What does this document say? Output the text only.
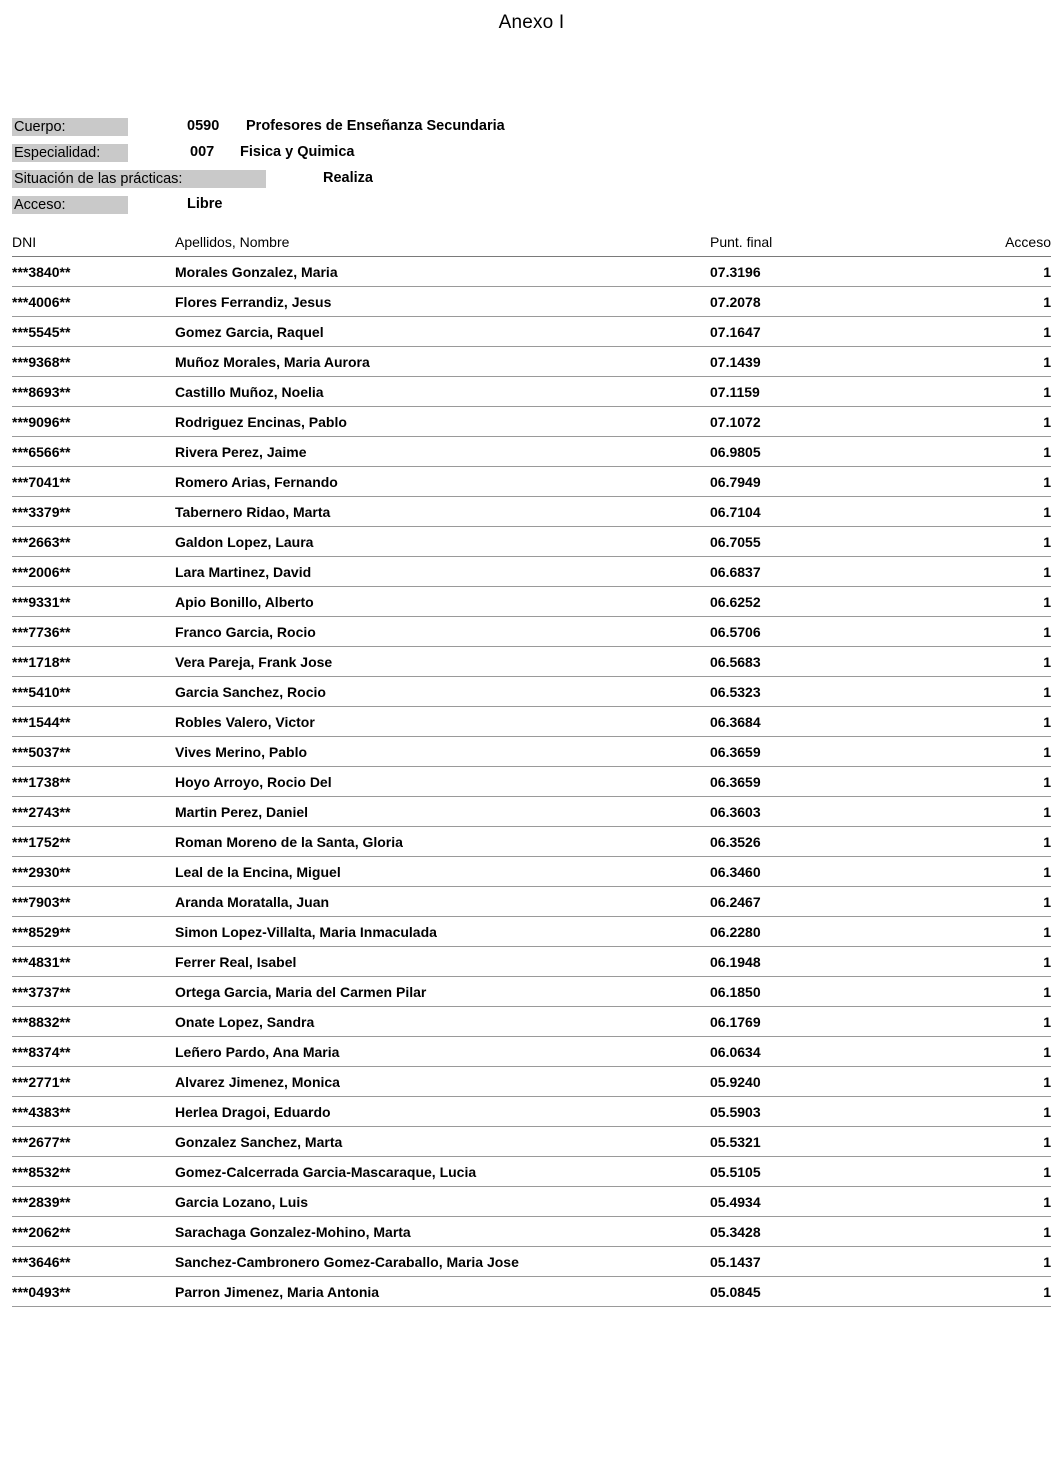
Anexo I
Cuerpo:	0590 Profesores de Enseñanza Secundaria
Especialidad:	007 Fisica y Quimica
Situación de las prácticas:	Realiza
Acceso:	Libre
DNI	Apellidos, Nombre	Punt. final	Acceso
***3840**	Morales Gonzalez, Maria	07.3196	1
***4006**	Flores Ferrandiz, Jesus	07.2078	1
***5545**	Gomez Garcia, Raquel	07.1647	1
***9368**	Muñoz Morales, Maria Aurora	07.1439	1
***8693**	Castillo Muñoz, Noelia	07.1159	1
***9096**	Rodriguez Encinas, Pablo	07.1072	1
***6566**	Rivera Perez, Jaime	06.9805	1
***7041**	Romero Arias, Fernando	06.7949	1
***3379**	Tabernero Ridao, Marta	06.7104	1
***2663**	Galdon Lopez, Laura	06.7055	1
***2006**	Lara Martinez, David	06.6837	1
***9331**	Apio Bonillo, Alberto	06.6252	1
***7736**	Franco Garcia, Rocio	06.5706	1
***1718**	Vera Pareja, Frank Jose	06.5683	1
***5410**	Garcia Sanchez, Rocio	06.5323	1
***1544**	Robles Valero, Victor	06.3684	1
***5037**	Vives Merino, Pablo	06.3659	1
***1738**	Hoyo Arroyo, Rocio Del	06.3659	1
***2743**	Martin Perez, Daniel	06.3603	1
***1752**	Roman Moreno de la Santa, Gloria	06.3526	1
***2930**	Leal de la Encina, Miguel	06.3460	1
***7903**	Aranda Moratalla, Juan	06.2467	1
***8529**	Simon Lopez-Villalta, Maria Inmaculada	06.2280	1
***4831**	Ferrer Real, Isabel	06.1948	1
***3737**	Ortega Garcia, Maria del Carmen Pilar	06.1850	1
***8832**	Onate Lopez, Sandra	06.1769	1
***8374**	Leñero Pardo, Ana Maria	06.0634	1
***2771**	Alvarez Jimenez, Monica	05.9240	1
***4383**	Herlea Dragoi, Eduardo	05.5903	1
***2677**	Gonzalez Sanchez, Marta	05.5321	1
***8532**	Gomez-Calcerrada Garcia-Mascaraque, Lucia	05.5105	1
***2839**	Garcia Lozano, Luis	05.4934	1
***2062**	Sarachaga Gonzalez-Mohino, Marta	05.3428	1
***3646**	Sanchez-Cambronero Gomez-Caraballo, Maria Jose	05.1437	1
***0493**	Parron Jimenez, Maria Antonia	05.0845	1
